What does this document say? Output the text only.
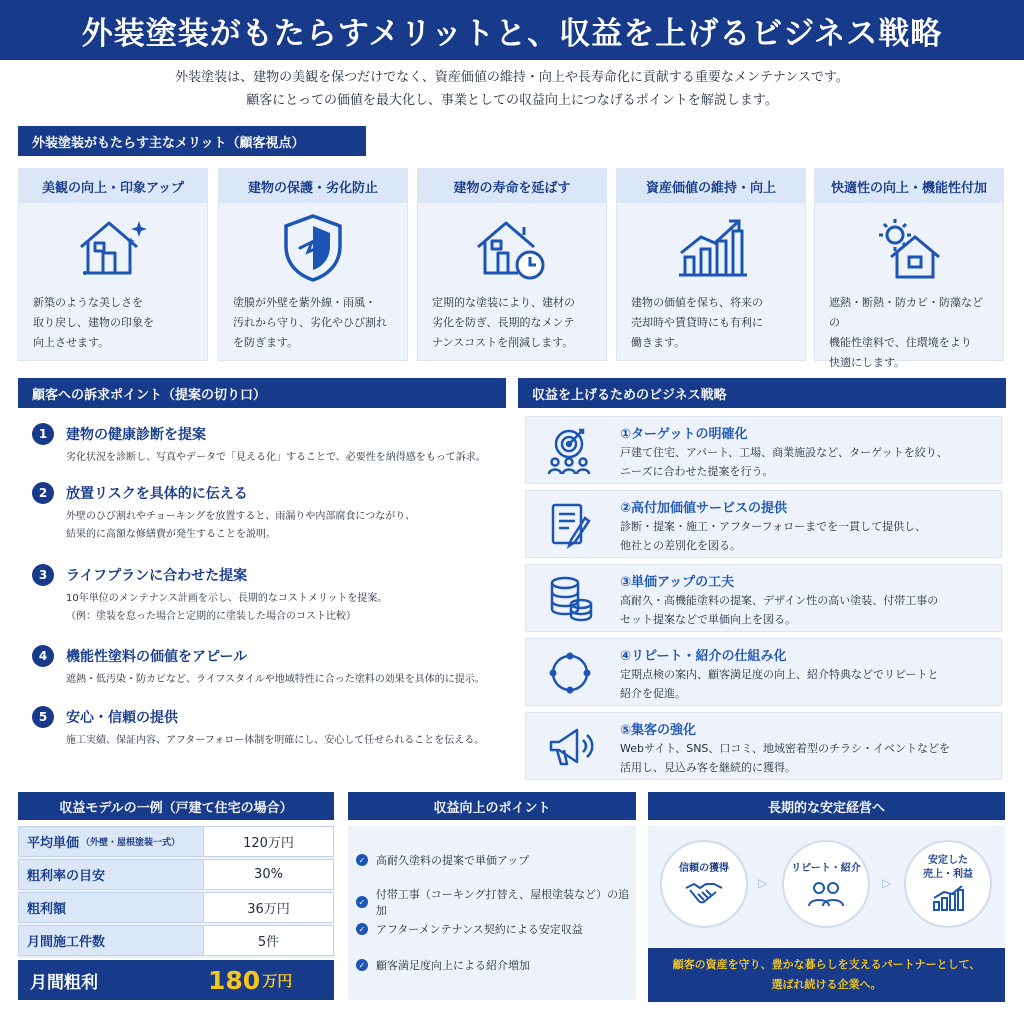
外装塗装がもたらすメリットと、収益を上げるビジネス戦略
外装塗装は、建物の美観を保つだけでなく、資産価値の維持・向上や長寿命化に貢献する重要なメンテナンスです。
顧客にとっての価値を最大化し、事業としての収益向上につなげるポイントを解説します。
外装塗装がもたらす主なメリット（顧客視点）
美観の向上・印象アップ
新築のような美しさを
取り戻し、建物の印象を
向上させます。
建物の保護・劣化防止
塗膜が外壁を紫外線・雨風・
汚れから守り、劣化やひび割れ
を防ぎます。
建物の寿命を延ばす
定期的な塗装により、建材の
劣化を防ぎ、長期的なメンテ
ナンスコストを削減します。
資産価値の維持・向上
建物の価値を保ち、将来の
売却時や賃貸時にも有利に
働きます。
快適性の向上・機能性付加
遮熱・断熱・防カビ・防藻などの
機能性塗料で、住環境をより
快適にします。
顧客への訴求ポイント（提案の切り口）
1	建物の健康診断を提案
劣化状況を診断し、写真やデータで「見える化」することで、必要性を納得感をもって訴求。
2	放置リスクを具体的に伝える
外壁のひび割れやチョーキングを放置すると、雨漏りや内部腐食につながり、
結果的に高額な修繕費が発生することを説明。
3	ライフプランに合わせた提案
10年単位のメンテナンス計画を示し、長期的なコストメリットを提案。
（例：塗装を怠った場合と定期的に塗装した場合のコスト比較）
4	機能性塗料の価値をアピール
遮熱・低汚染・防カビなど、ライフスタイルや地域特性に合った塗料の効果を具体的に提示。
5	安心・信頼の提供
施工実績、保証内容、アフターフォロー体制を明確にし、安心して任せられることを伝える。
収益を上げるためのビジネス戦略
①ターゲットの明確化
戸建て住宅、アパート、工場、商業施設など、ターゲットを絞り、
ニーズに合わせた提案を行う。
②高付加価値サービスの提供
診断・提案・施工・アフターフォローまでを一貫して提供し、
他社との差別化を図る。
③単価アップの工夫
高耐久・高機能塗料の提案、デザイン性の高い塗装、付帯工事の
セット提案などで単価向上を図る。
④リピート・紹介の仕組み化
定期点検の案内、顧客満足度の向上、紹介特典などでリピートと
紹介を促進。
⑤集客の強化
Webサイト、SNS、口コミ、地域密着型のチラシ・イベントなどを
活用し、見込み客を継続的に獲得。
収益モデルの一例（戸建て住宅の場合）
平均単価 （外壁・屋根塗装一式）	120万円
粗利率の目安	30%
粗利額	36万円
月間施工件数	5件
月間粗利	180 万円
収益向上のポイント
✓ 高耐久塗料の提案で単価アップ
✓
付帯工事（コーキング打替え、屋根塗装など）の追加
✓ アフターメンテナンス契約による安定収益
✓ 顧客満足度向上による紹介増加
長期的な安定経営へ
信頼の獲得
▷
リピート・紹介
▷
安定した
売上・利益
顧客の資産を守り、豊かな暮らしを支えるパートナーとして、
選ばれ続ける企業へ。
